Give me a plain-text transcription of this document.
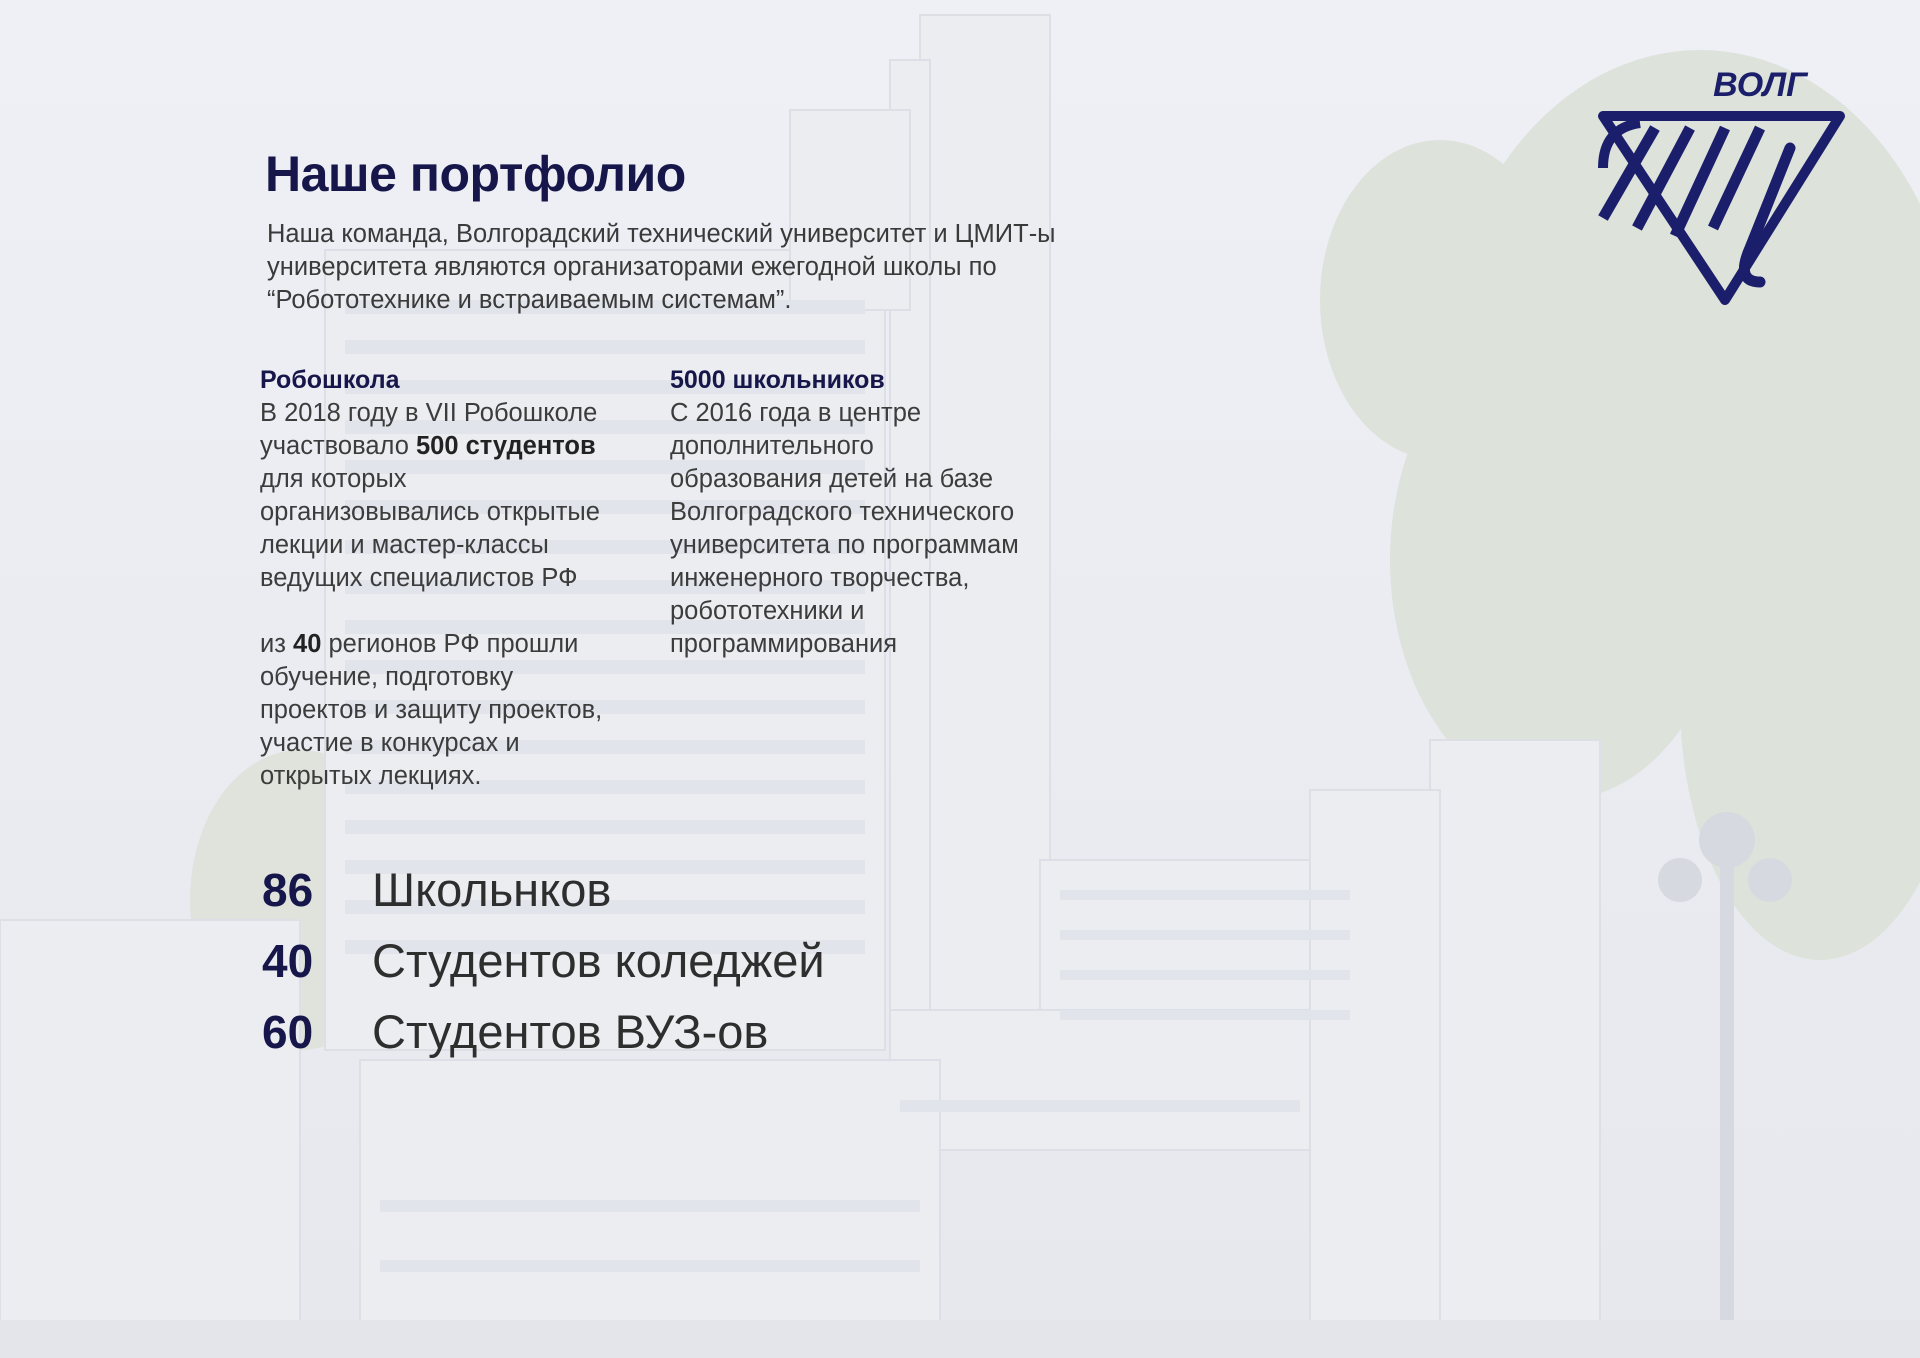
Наше портфолио

Наша команда, Волгорадский технический университет и ЦМИТ-ы
университета являются организаторами ежегодной школы по
“Робототехнике и встраиваемым системам”.

Робошкола
В 2018 году в VII Робошколе
участвовало 500 студентов
для которых
организовывались открытые
лекции и мастер-классы
ведущих специалистов РФ
из 40 регионов РФ прошли
обучение, подготовку
проектов и защиту проектов,
участие в конкурсах и
открытых лекциях.
5000 школьников
С 2016 года в центре
дополнительного
образования детей на базе
Волгоградского технического
университета по программам
инженерного творчества,
робототехники и
программирования
86	Школьнков
40	Студентов коледжей
60	Студентов ВУЗ-ов
ВОЛГ
